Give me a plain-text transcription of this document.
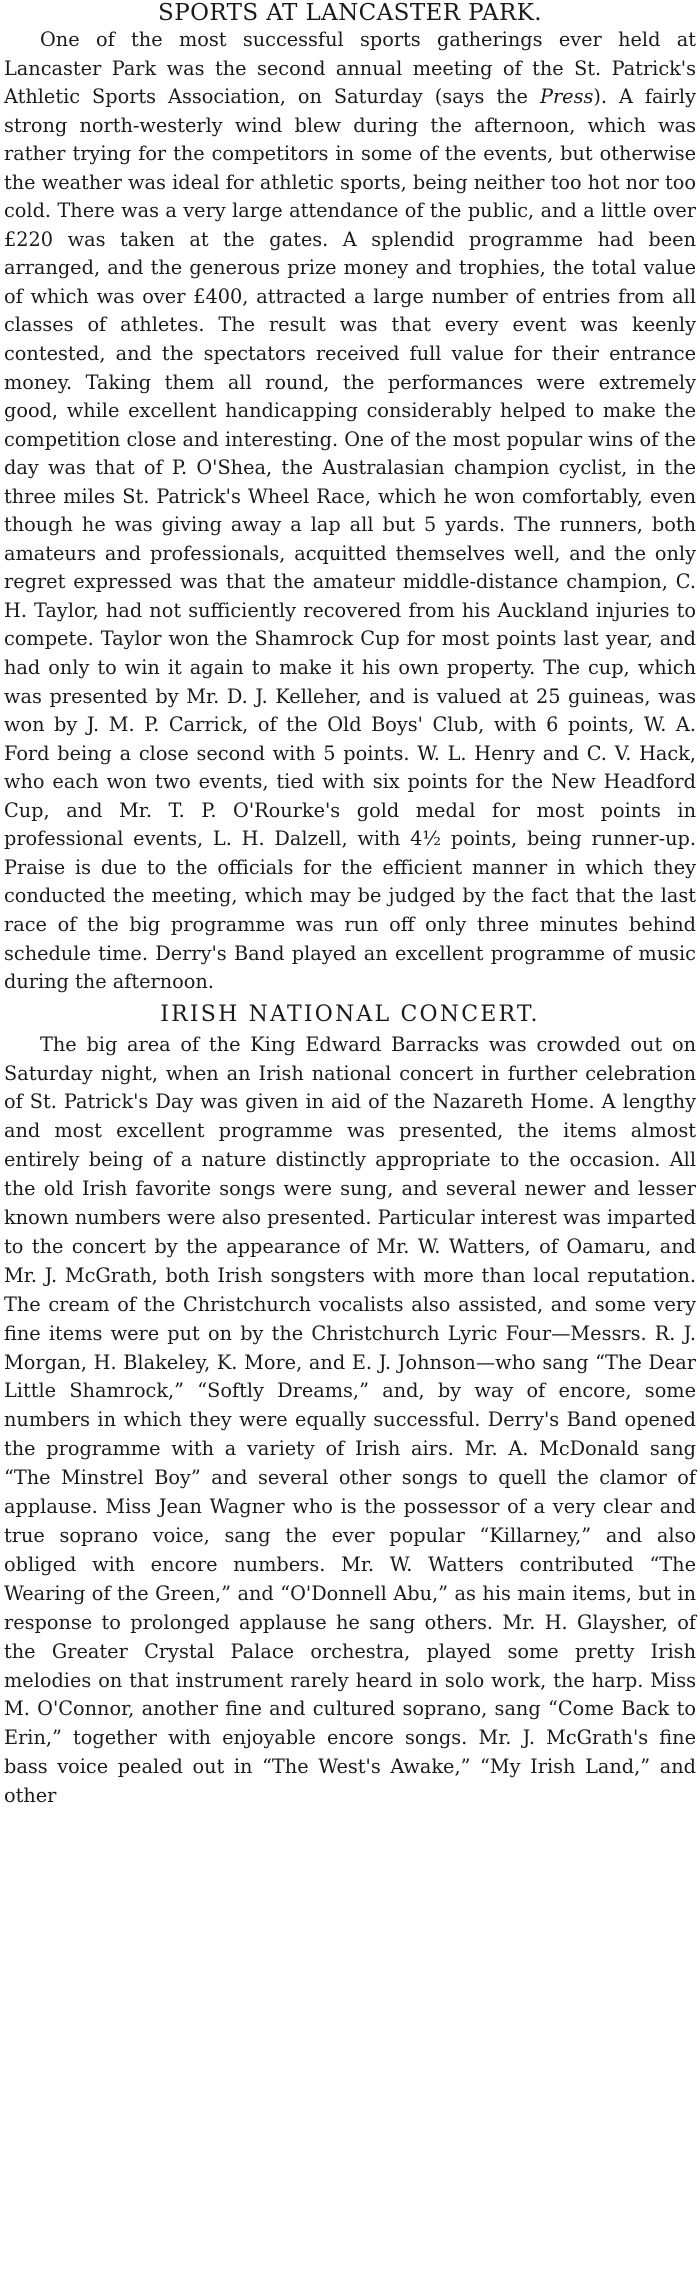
SPORTS AT LANCASTER PARK.

One of the most successful sports gatherings ever held at Lancaster Park was the second annual meeting of the St. Patrick's Athletic Sports Association, on Saturday (says the Press). A fairly strong north-westerly wind blew during the afternoon, which was rather trying for the competitors in some of the events, but otherwise the weather was ideal for athletic sports, being neither too hot nor too cold. There was a very large attendance of the public, and a little over £220 was taken at the gates. A splendid programme had been arranged, and the generous prize money and trophies, the total value of which was over £400, attracted a large number of entries from all classes of athletes. The result was that every event was keenly contested, and the spectators received full value for their entrance money. Taking them all round, the performances were extremely good, while excellent handicapping considerably helped to make the competition close and interesting. One of the most popular wins of the day was that of P. O'Shea, the Australasian champion cyclist, in the three miles St. Patrick's Wheel Race, which he won comfortably, even though he was giving away a lap all but 5 yards. The runners, both amateurs and professionals, acquitted themselves well, and the only regret expressed was that the amateur middle-distance champion, C. H. Taylor, had not sufficiently recovered from his Auckland injuries to compete. Taylor won the Shamrock Cup for most points last year, and had only to win it again to make it his own property. The cup, which was presented by Mr. D. J. Kelleher, and is valued at 25 guineas, was won by J. M. P. Carrick, of the Old Boys' Club, with 6 points, W. A. Ford being a close second with 5 points. W. L. Henry and C. V. Hack, who each won two events, tied with six points for the New Headford Cup, and Mr. T. P. O'Rourke's gold medal for most points in professional events, L. H. Dalzell, with 4½ points, being runner-up. Praise is due to the officials for the efficient manner in which they conducted the meeting, which may be judged by the fact that the last race of the big programme was run off only three minutes behind schedule time. Derry's Band played an excellent programme of music during the afternoon.

IRISH NATIONAL CONCERT.

The big area of the King Edward Barracks was crowded out on Saturday night, when an Irish national concert in further celebration of St. Patrick's Day was given in aid of the Nazareth Home. A lengthy and most excellent programme was presented, the items almost entirely being of a nature distinctly appropriate to the occasion. All the old Irish favorite songs were sung, and several newer and lesser known numbers were also presented. Particular interest was imparted to the concert by the appearance of Mr. W. Watters, of Oamaru, and Mr. J. McGrath, both Irish songsters with more than local reputation. The cream of the Christchurch vocalists also assisted, and some very fine items were put on by the Christchurch Lyric Four—Messrs. R. J. Morgan, H. Blakeley, K. More, and E. J. Johnson—who sang “The Dear Little Shamrock,” “Softly Dreams,” and, by way of encore, some numbers in which they were equally successful. Derry's Band opened the programme with a variety of Irish airs. Mr. A. McDonald sang “The Minstrel Boy” and several other songs to quell the clamor of applause. Miss Jean Wagner who is the possessor of a very clear and true soprano voice, sang the ever popular “Killarney,” and also obliged with encore numbers. Mr. W. Watters contributed “The Wearing of the Green,” and “O'Donnell Abu,” as his main items, but in response to prolonged applause he sang others. Mr. H. Glaysher, of the Greater Crystal Palace orchestra, played some pretty Irish melodies on that instrument rarely heard in solo work, the harp. Miss M. O'Connor, another fine and cultured soprano, sang “Come Back to Erin,” together with enjoyable encore songs. Mr. J. McGrath's fine bass voice pealed out in “The West's Awake,” “My Irish Land,” and other
